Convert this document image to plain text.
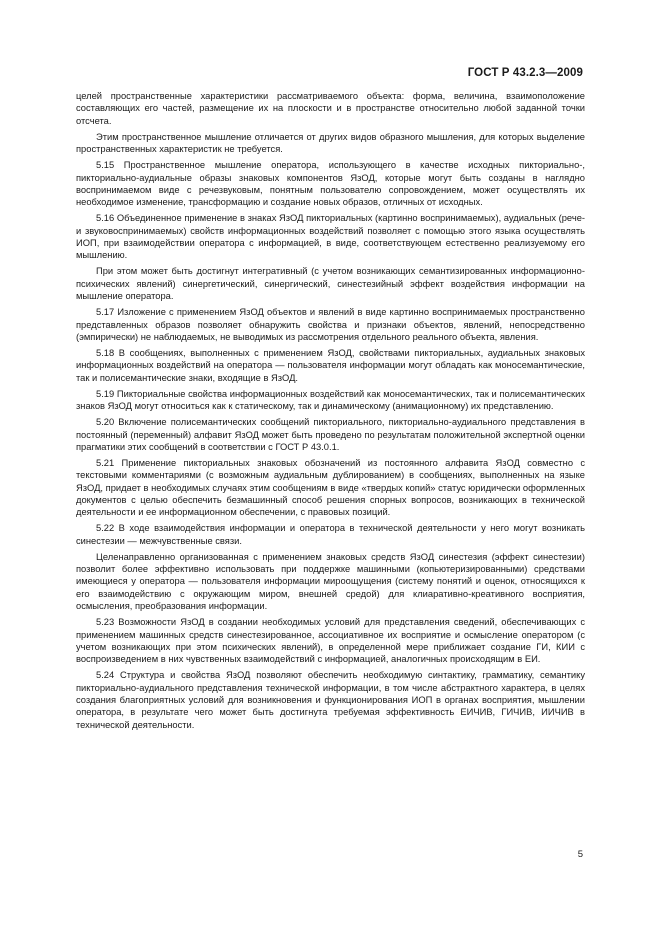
ГОСТ Р 43.2.3—2009

целей пространственные характеристики рассматриваемого объекта: форма, величина, взаимоположение составляющих его частей, размещение их на плоскости и в пространстве относительно любой заданной точки отсчета.

Этим пространственное мышление отличается от других видов образного мышления, для которых выделение пространственных характеристик не требуется.

5.15 Пространственное мышление оператора, использующего в качестве исходных пикториально-, пикториально-аудиальные образы знаковых компонентов ЯзОД, которые могут быть созданы в наглядно воспринимаемом виде с речезвуковым, понятным пользователю сопровождением, может осуществлять их необходимое изменение, трансформацию и создание новых образов, отличных от исходных.

5.16 Объединенное применение в знаках ЯзОД пикториальных (картинно воспринимаемых), аудиальных (рече- и звуковоспринимаемых) свойств информационных воздействий позволяет с помощью этого языка осуществлять ИОП, при взаимодействии оператора с информацией, в виде, соответствующем естественно реализуемому его мышлению.

При этом может быть достигнут интегративный (с учетом возникающих семантизированных информационно-психических явлений) синергетический, синергический, синестезийный эффект воздействия информации на мышление оператора.

5.17 Изложение с применением ЯзОД объектов и явлений в виде картинно воспринимаемых пространственно представленных образов позволяет обнаружить свойства и признаки объектов, явлений, непосредственно (эмпирически) не наблюдаемых, не выводимых из рассмотрения отдельного реального объекта, явления.

5.18 В сообщениях, выполненных с применением ЯзОД, свойствами пикториальных, аудиальных знаковых информационных воздействий на оператора — пользователя информации могут обладать как моносемантические, так и полисемантические знаки, входящие в ЯзОД.

5.19 Пикториальные свойства информационных воздействий как моносемантических, так и полисемантических знаков ЯзОД могут относиться как к статическому, так и динамическому (анимационному) их представлению.

5.20 Включение полисемантических сообщений пикториального, пикториально-аудиального представления в постоянный (переменный) алфавит ЯзОД может быть проведено по результатам положительной экспертной оценки прагматики этих сообщений в соответствии с ГОСТ Р 43.0.1.

5.21 Применение пикториальных знаковых обозначений из постоянного алфавита ЯзОД совместно с текстовыми комментариями (с возможным аудиальным дублированием) в сообщениях, выполненных на языке ЯзОД, придает в необходимых случаях этим сообщениям в виде «твердых копий» статус юридически оформленных документов с целью обеспечить безмашинный способ решения спорных вопросов, возникающих в технической деятельности и ее информационном обеспечении, с правовых позиций.

5.22 В ходе взаимодействия информации и оператора в технической деятельности у него могут возникать синестезии — межчувственные связи.

Целенаправленно организованная с применением знаковых средств ЯзОД синестезия (эффект синестезии) позволит более эффективно использовать при поддержке машинными (копьютеризированными) средствами имеющиеся у оператора — пользователя информации мироощущения (систему понятий и оценок, относящихся к его взаимодействию с окружающим миром, внешней средой) для клиаративно-креативного восприятия, осмысления, преобразования информации.

5.23 Возможности ЯзОД в создании необходимых условий для представления сведений, обеспечивающих с применением машинных средств синестезированное, ассоциативное их восприятие и осмысление оператором (с учетом возникающих при этом психических явлений), в определенной мере приближает создание ГИ, КИИ с воспроизведением в них чувственных взаимодействий с информацией, аналогичных происходящим в ЕИ.

5.24 Структура и свойства ЯзОД позволяют обеспечить необходимую синтактику, грамматику, семантику пикториально-аудиального представления технической информации, в том числе абстрактного характера, в целях создания благоприятных условий для возникновения и функционирования ИОП в органах восприятия, мышлении оператора, в результате чего может быть достигнута требуемая эффективность ЕИЧИВ, ГИЧИВ, ИИЧИВ в технической деятельности.

5
